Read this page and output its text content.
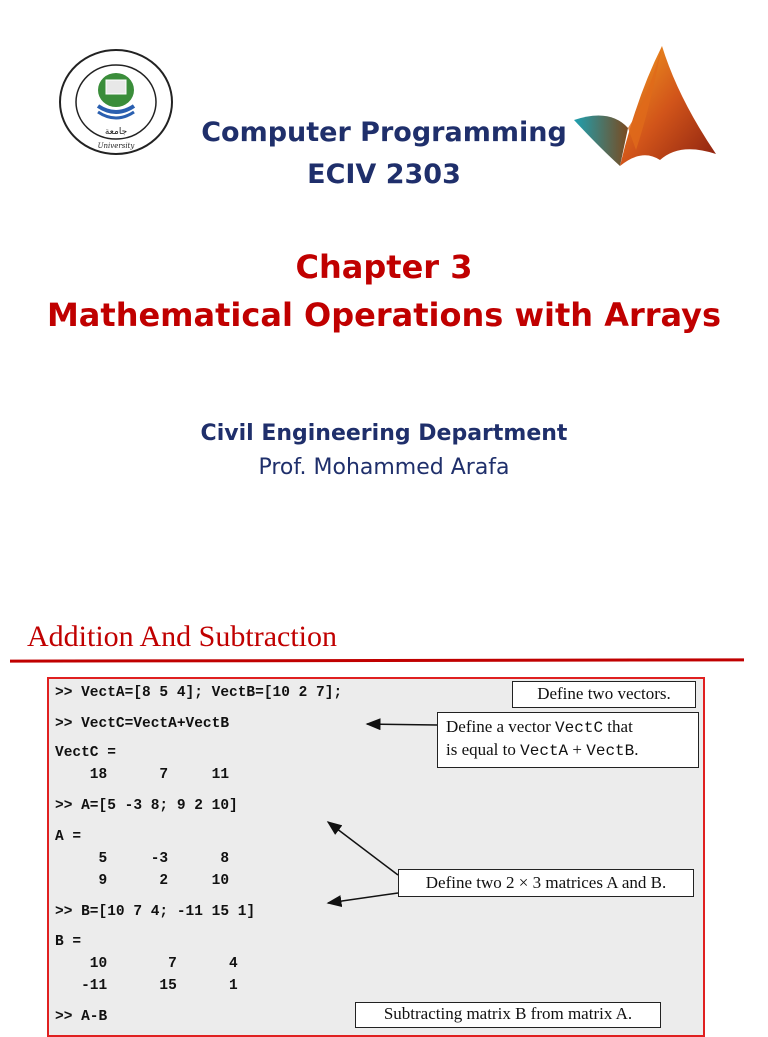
جامعة
University	Computer Programming
ECIV 2303
Chapter 3
Mathematical Operations with Arrays
Civil Engineering Department
Prof. Mohammed Arafa
Addition And Subtraction
>> VectA=[8 5 4]; VectB=[10 2 7];
>> VectC=VectA+VectB
VectC =
18      7     11
>> A=[5 -3 8; 9 2 10]
A =
5     -3      8
9      2     10
>> B=[10 7 4; -11 15 1]
B =
10       7      4
-11      15      1
>> A-B
Define two vectors.
Define a vector VectC that
is equal to VectA + VectB.
Define two 2 × 3 matrices A and B.
Subtracting matrix B from matrix A.
